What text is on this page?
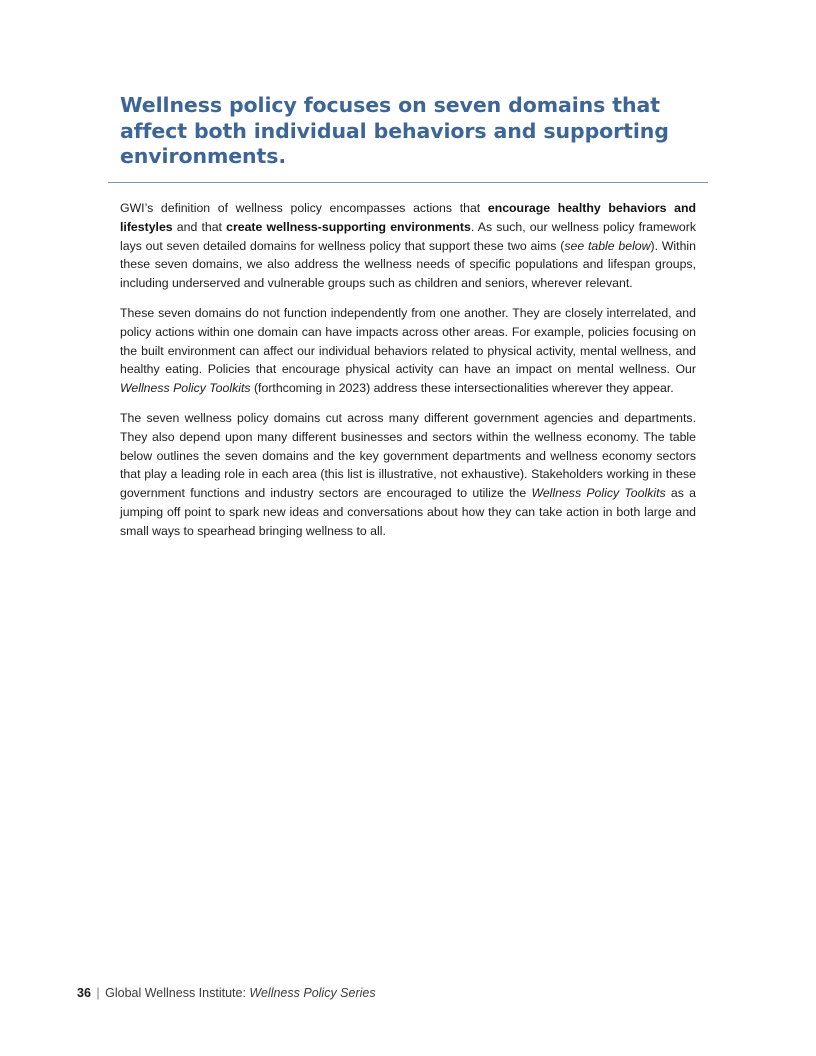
Wellness policy focuses on seven domains that affect both individual behaviors and supporting environments.

GWI’s definition of wellness policy encompasses actions that encourage healthy behaviors and lifestyles and that create wellness-supporting environments. As such, our wellness policy framework lays out seven detailed domains for wellness policy that support these two aims (see table below). Within these seven domains, we also address the wellness needs of specific populations and lifespan groups, including underserved and vulnerable groups such as children and seniors, wherever relevant.

These seven domains do not function independently from one another. They are closely interrelated, and policy actions within one domain can have impacts across other areas. For example, policies focusing on the built environment can affect our individual behaviors related to physical activity, mental wellness, and healthy eating. Policies that encourage physical activity can have an impact on mental wellness. Our Wellness Policy Toolkits (forthcoming in 2023) address these intersectionalities wherever they appear.

The seven wellness policy domains cut across many different government agencies and departments. They also depend upon many different businesses and sectors within the wellness economy. The table below outlines the seven domains and the key government departments and wellness economy sectors that play a leading role in each area (this list is illustrative, not exhaustive). Stakeholders working in these government functions and industry sectors are encouraged to utilize the Wellness Policy Toolkits as a jumping off point to spark new ideas and conversations about how they can take action in both large and small ways to spearhead bringing wellness to all.

36 | Global Wellness Institute: Wellness Policy Series
